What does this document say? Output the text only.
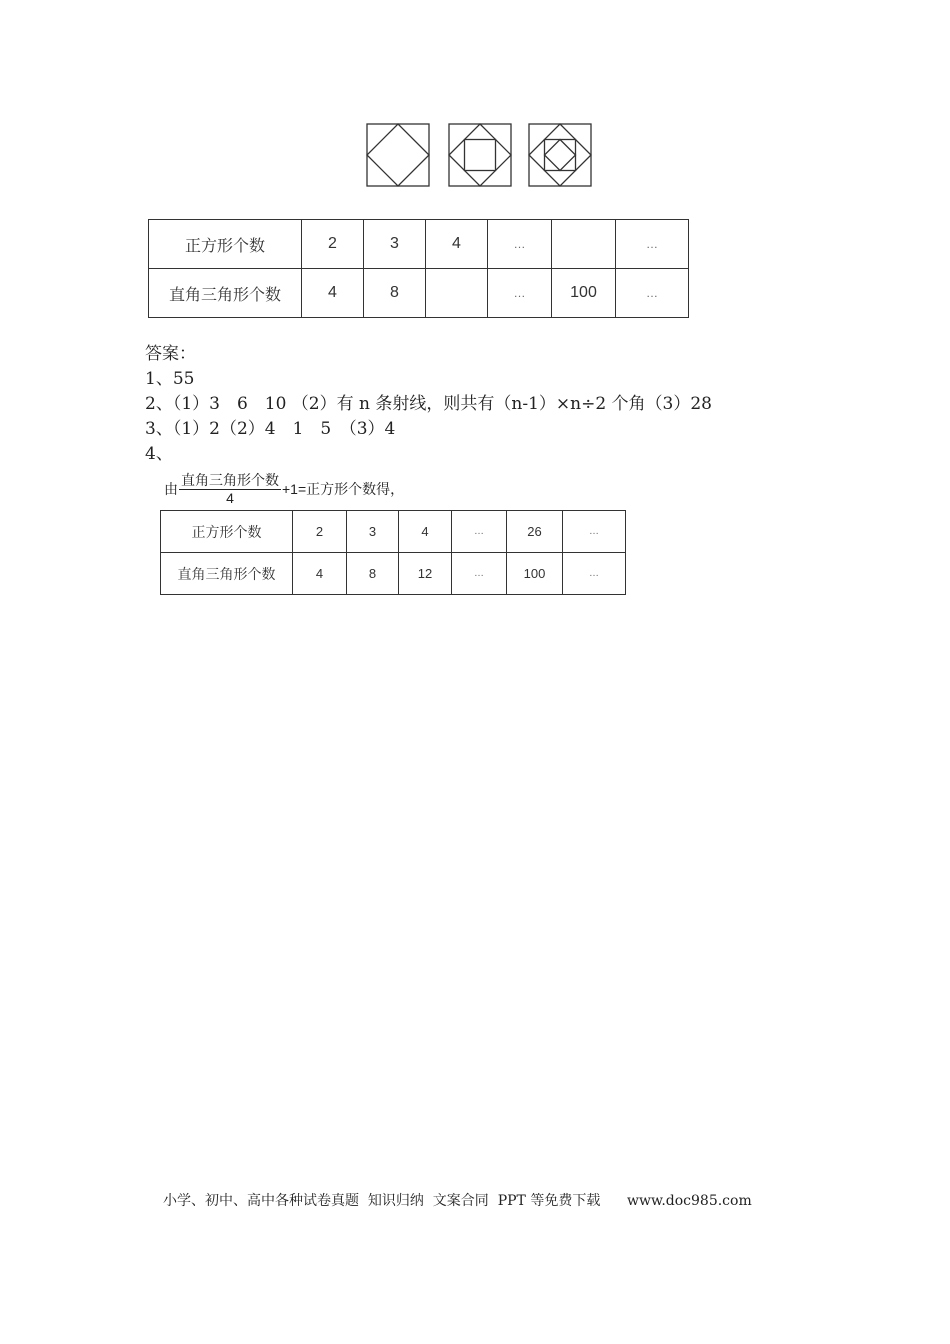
正方形个数	2	3	4	…		…
直角三角形个数	4	8		…	100	…
答案：
1、55
2、（1）3　6　10 （2）有 n 条射线，则共有（n-1）×n÷2 个角（3）28
3、（1）2（2）4　1　5　（3）4
4、
由 $\frac{\text{直角三角形个数}}{4} +1=$正方形个数得，
正方形个数	2	3	4	…	26	…
直角三角形个数	4	8	12	…	100	…
小学、初中、高中各种试卷真题  知识归纳  文案合同  PPT 等免费下载      www.doc985.com
